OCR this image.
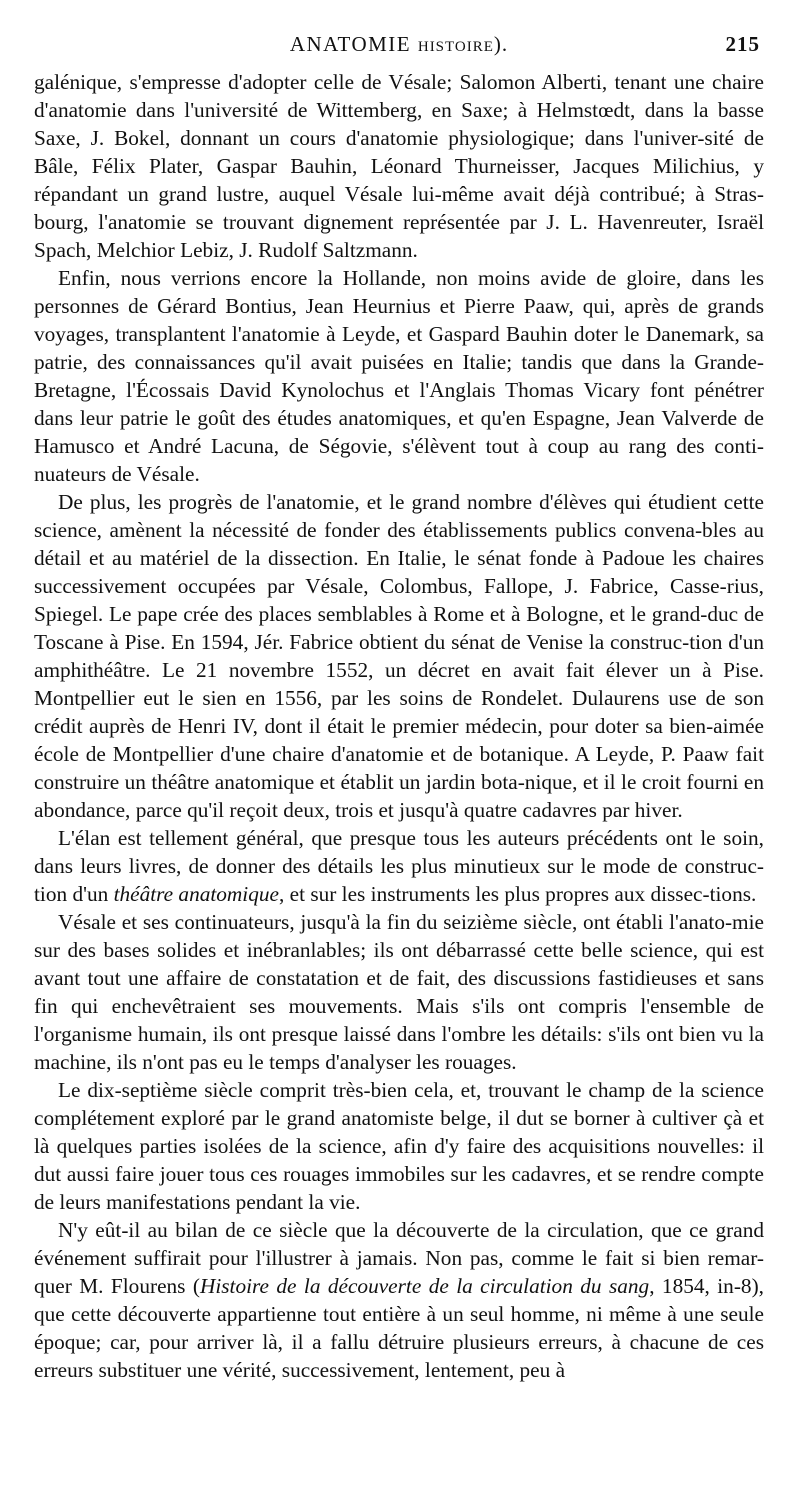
ANATOMIE histoire).	215

galénique, s'empresse d'adopter celle de Vésale; Salomon Alberti, tenant une chaire d'anatomie dans l'université de Wittemberg, en Saxe; à Helmstœdt, dans la basse Saxe, J. Bokel, donnant un cours d'anatomie physiologique; dans l'univer-sité de Bâle, Félix Plater, Gaspar Bauhin, Léonard Thurneisser, Jacques Milichius, y répandant un grand lustre, auquel Vésale lui-même avait déjà contribué; à Stras-bourg, l'anatomie se trouvant dignement représentée par J. L. Havenreuter, Israël Spach, Melchior Lebiz, J. Rudolf Saltzmann.

Enfin, nous verrions encore la Hollande, non moins avide de gloire, dans les personnes de Gérard Bontius, Jean Heurnius et Pierre Paaw, qui, après de grands voyages, transplantent l'anatomie à Leyde, et Gaspard Bauhin doter le Danemark, sa patrie, des connaissances qu'il avait puisées en Italie; tandis que dans la Grande-Bretagne, l'Écossais David Kynolochus et l'Anglais Thomas Vicary font pénétrer dans leur patrie le goût des études anatomiques, et qu'en Espagne, Jean Valverde de Hamusco et André Lacuna, de Ségovie, s'élèvent tout à coup au rang des conti-nuateurs de Vésale.

De plus, les progrès de l'anatomie, et le grand nombre d'élèves qui étudient cette science, amènent la nécessité de fonder des établissements publics convena-bles au détail et au matériel de la dissection. En Italie, le sénat fonde à Padoue les chaires successivement occupées par Vésale, Colombus, Fallope, J. Fabrice, Casse-rius, Spiegel. Le pape crée des places semblables à Rome et à Bologne, et le grand-duc de Toscane à Pise. En 1594, Jér. Fabrice obtient du sénat de Venise la construc-tion d'un amphithéâtre. Le 21 novembre 1552, un décret en avait fait élever un à Pise. Montpellier eut le sien en 1556, par les soins de Rondelet. Dulaurens use de son crédit auprès de Henri IV, dont il était le premier médecin, pour doter sa bien-aimée école de Montpellier d'une chaire d'anatomie et de botanique. A Leyde, P. Paaw fait construire un théâtre anatomique et établit un jardin bota-nique, et il le croit fourni en abondance, parce qu'il reçoit deux, trois et jusqu'à quatre cadavres par hiver.

L'élan est tellement général, que presque tous les auteurs précédents ont le soin, dans leurs livres, de donner des détails les plus minutieux sur le mode de construc-tion d'un théâtre anatomique, et sur les instruments les plus propres aux dissec-tions.

Vésale et ses continuateurs, jusqu'à la fin du seizième siècle, ont établi l'anato-mie sur des bases solides et inébranlables; ils ont débarrassé cette belle science, qui est avant tout une affaire de constatation et de fait, des discussions fastidieuses et sans fin qui enchevêtraient ses mouvements. Mais s'ils ont compris l'ensemble de l'organisme humain, ils ont presque laissé dans l'ombre les détails: s'ils ont bien vu la machine, ils n'ont pas eu le temps d'analyser les rouages.

Le dix-septième siècle comprit très-bien cela, et, trouvant le champ de la science complétement exploré par le grand anatomiste belge, il dut se borner à cultiver çà et là quelques parties isolées de la science, afin d'y faire des acquisitions nouvelles: il dut aussi faire jouer tous ces rouages immobiles sur les cadavres, et se rendre compte de leurs manifestations pendant la vie.

N'y eût-il au bilan de ce siècle que la découverte de la circulation, que ce grand événement suffirait pour l'illustrer à jamais. Non pas, comme le fait si bien remar-quer M. Flourens (Histoire de la découverte de la circulation du sang, 1854, in-8), que cette découverte appartienne tout entière à un seul homme, ni même à une seule époque; car, pour arriver là, il a fallu détruire plusieurs erreurs, à chacune de ces erreurs substituer une vérité, successivement, lentement, peu à
